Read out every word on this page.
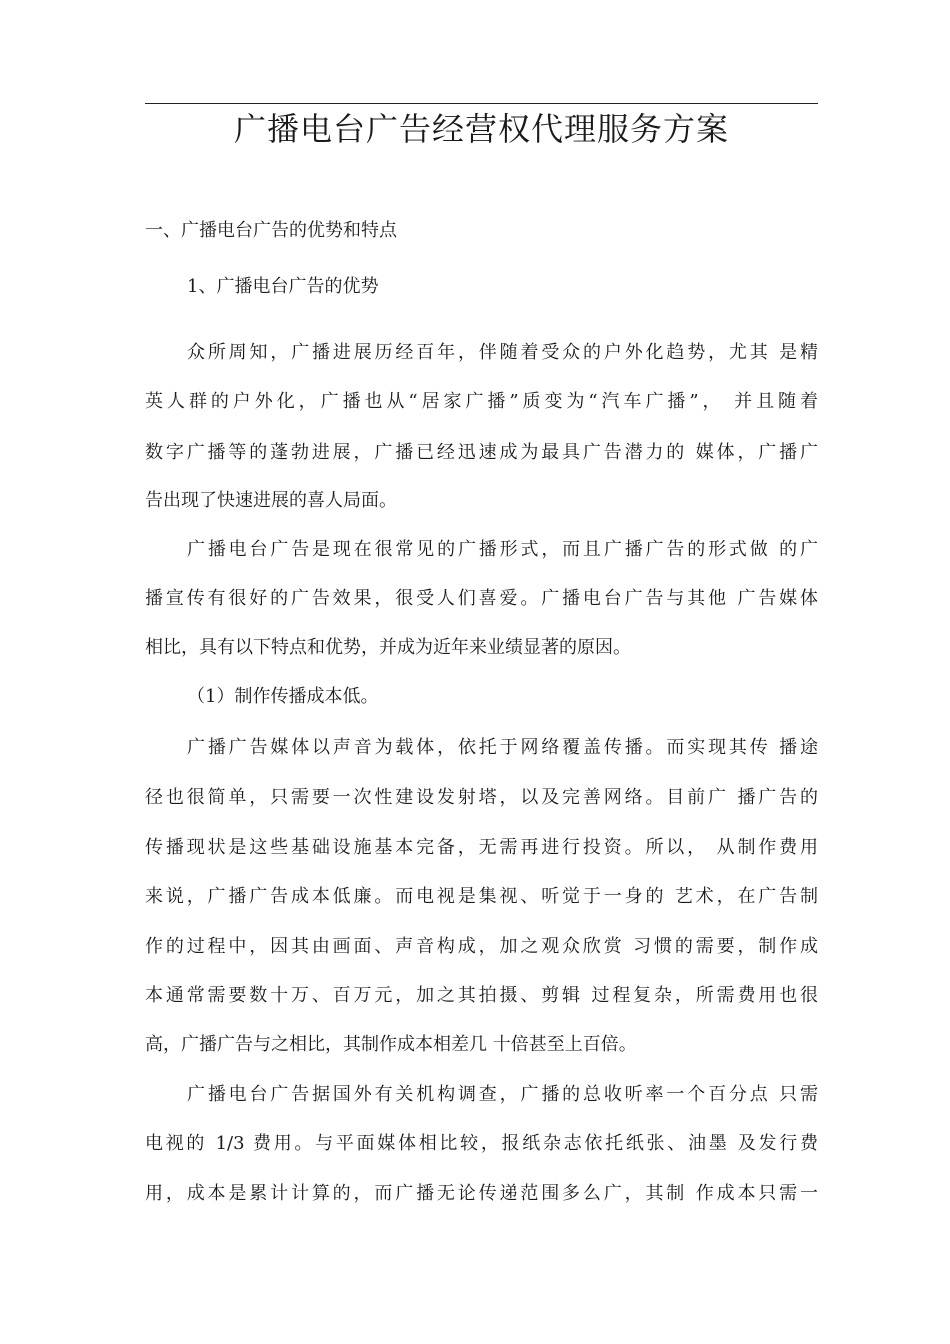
广播电台广告经营权代理服务方案
一、广播电台广告的优势和特点
1、广播电台广告的优势
众所周知，广播进展历经百年，伴随着受众的户外化趋势，尤其 是精
英人群的户外化，广播也从“居家广播”质变为“汽车广播”， 并且随着
数字广播等的蓬勃进展，广播已经迅速成为最具广告潜力的 媒体，广播广
告出现了快速进展的喜人局面。
广播电台广告是现在很常见的广播形式，而且广播广告的形式做 的广
播宣传有很好的广告效果，很受人们喜爱。广播电台广告与其他 广告媒体
相比，具有以下特点和优势，并成为近年来业绩显著的原因。
（1）制作传播成本低。
广播广告媒体以声音为载体，依托于网络覆盖传播。而实现其传 播途
径也很简单，只需要一次性建设发射塔，以及完善网络。目前广 播广告的
传播现状是这些基础设施基本完备，无需再进行投资。所以， 从制作费用
来说，广播广告成本低廉。而电视是集视、听觉于一身的 艺术，在广告制
作的过程中，因其由画面、声音构成，加之观众欣赏 习惯的需要，制作成
本通常需要数十万、百万元，加之其拍摄、剪辑 过程复杂，所需费用也很
高，广播广告与之相比，其制作成本相差几 十倍甚至上百倍。
广播电台广告据国外有关机构调查，广播的总收听率一个百分点 只需
电视的 1/3 费用。与平面媒体相比较，报纸杂志依托纸张、油墨 及发行费
用，成本是累计计算的，而广播无论传递范围多么广，其制 作成本只需一
